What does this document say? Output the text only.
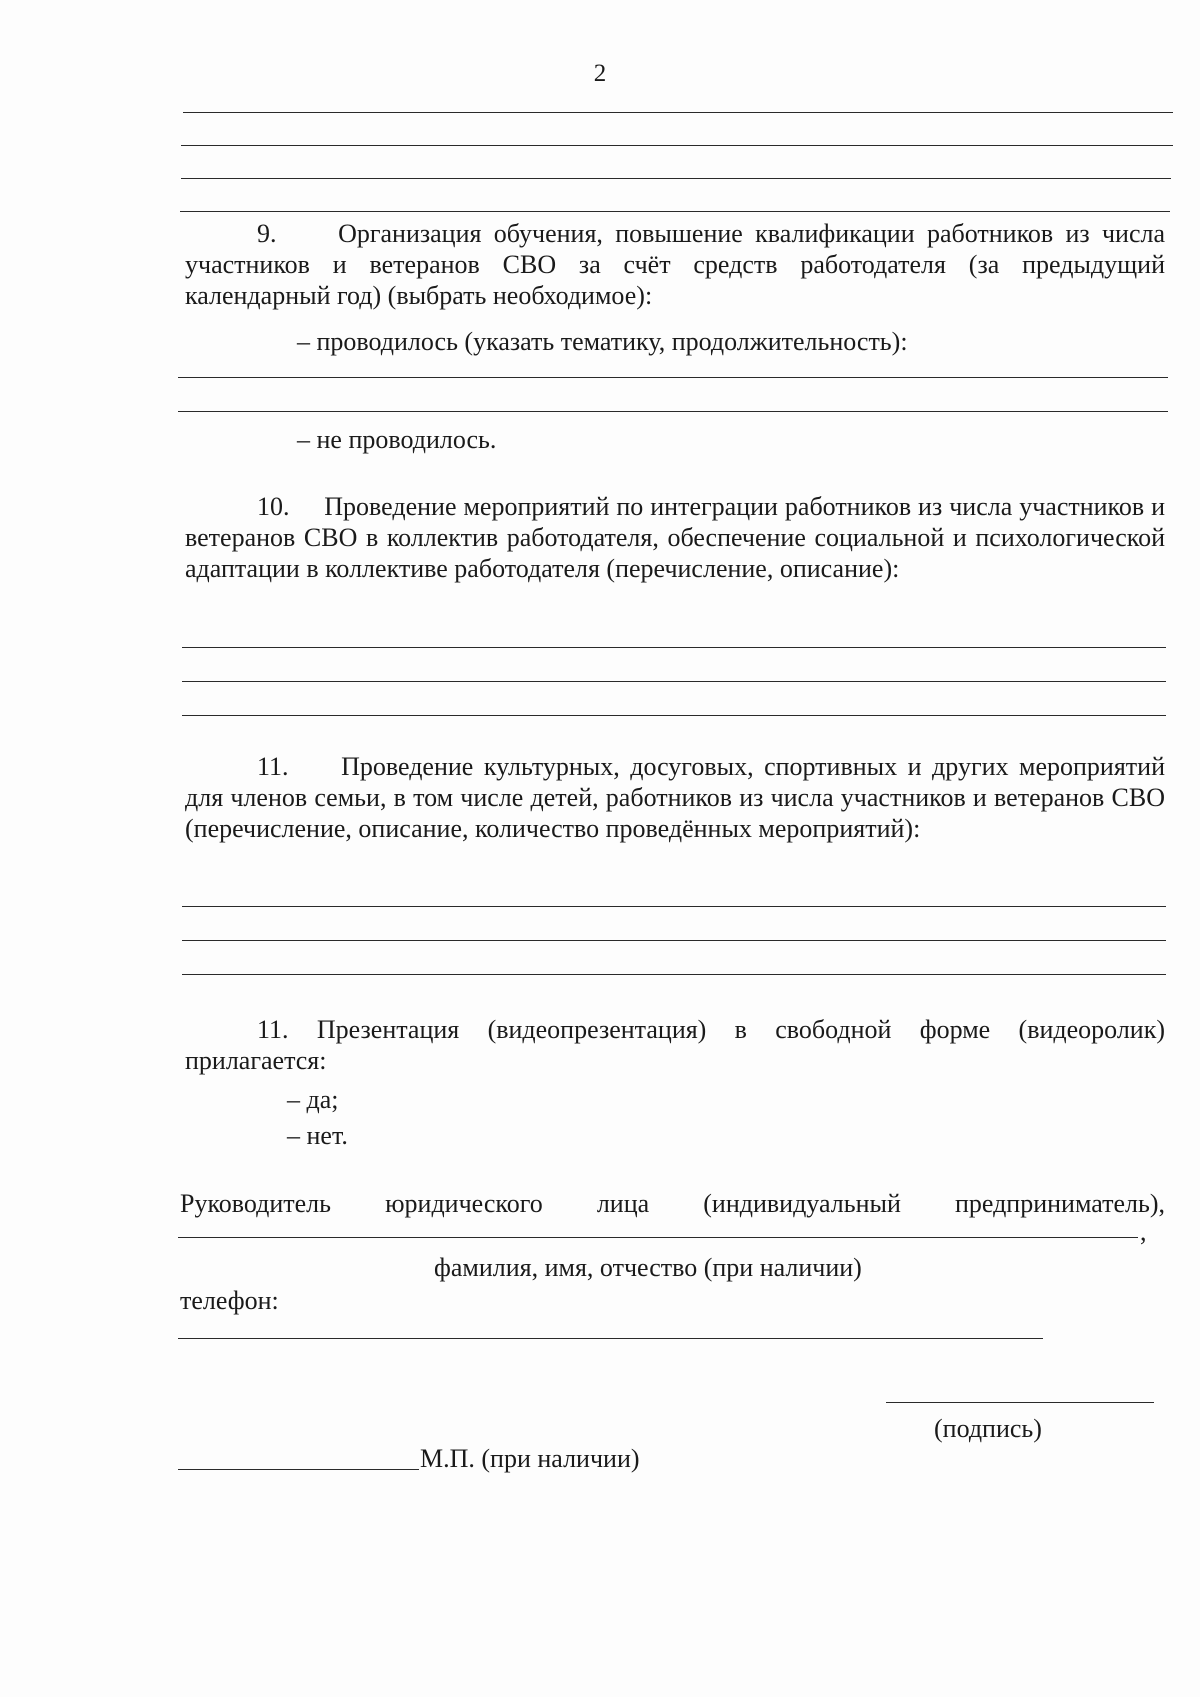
2
9. Организация обучения, повышение квалификации работников из числа участников и ветеранов СВО за счёт средств работодателя (за предыдущий календарный год) (выбрать необходимое):
– проводилось (указать тематику, продолжительность):
– не проводилось.
10. Проведение мероприятий по интеграции работников из числа участников и ветеранов СВО в коллектив работодателя, обеспечение социальной и психологической адаптации в коллективе работодателя (перечисление, описание):
11. Проведение культурных, досуговых, спортивных и других мероприятий для членов семьи, в том числе детей, работников из числа участников и ветеранов СВО (перечисление, описание, количество проведённых мероприятий):
11. Презентация (видеопрезентация) в свободной форме (видеоролик) прилагается:
– да;
– нет.
Руководитель юридического лица (индивидуальный предприниматель),
,
фамилия, имя, отчество (при наличии)
телефон:
(подпись)
М.П. (при наличии)
